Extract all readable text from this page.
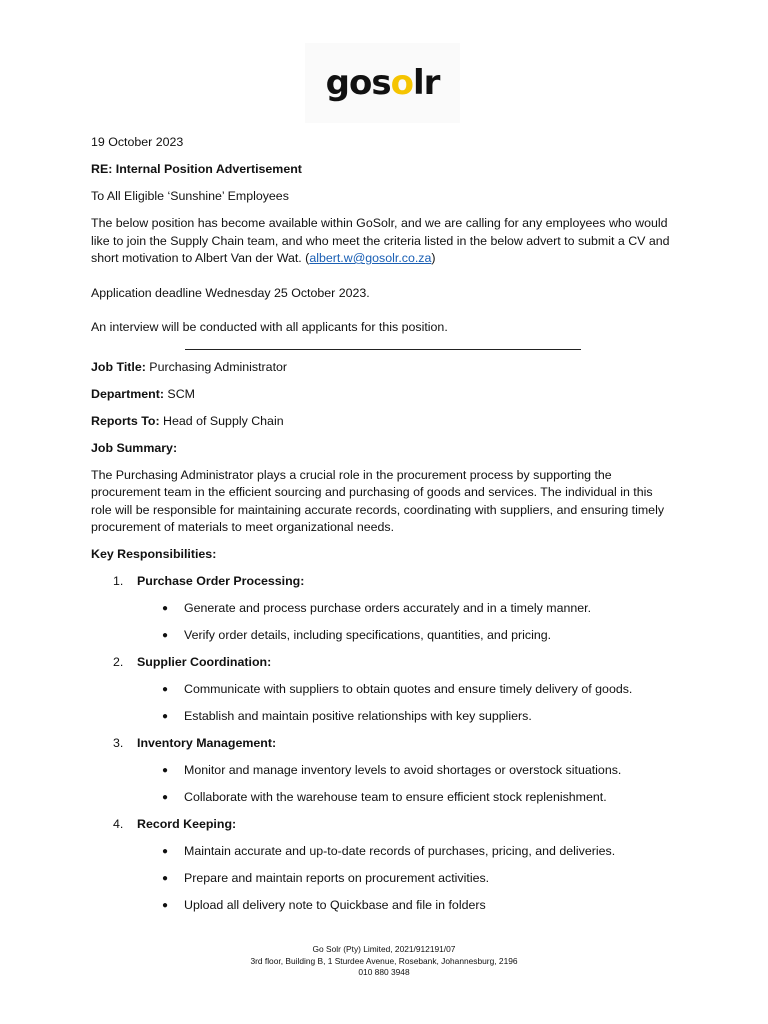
gosolr

19 October 2023

RE: Internal Position Advertisement

To All Eligible ‘Sunshine’ Employees

The below position has become available within GoSolr, and we are calling for any employees who would like to join the Supply Chain team, and who meet the criteria listed in the below advert to submit a CV and short motivation to Albert Van der Wat. (albert.w@gosolr.co.za)

Application deadline Wednesday 25 October 2023.

An interview will be conducted with all applicants for this position.

Job Title: Purchasing Administrator

Department: SCM

Reports To: Head of Supply Chain

Job Summary:

The Purchasing Administrator plays a crucial role in the procurement process by supporting the procurement team in the efficient sourcing and purchasing of goods and services. The individual in this role will be responsible for maintaining accurate records, coordinating with suppliers, and ensuring timely procurement of materials to meet organizational needs.

Key Responsibilities:

1. Purchase Order Processing:
● Generate and process purchase orders accurately and in a timely manner.
● Verify order details, including specifications, quantities, and pricing.
2. Supplier Coordination:
● Communicate with suppliers to obtain quotes and ensure timely delivery of goods.
● Establish and maintain positive relationships with key suppliers.
3. Inventory Management:
● Monitor and manage inventory levels to avoid shortages or overstock situations.
● Collaborate with the warehouse team to ensure efficient stock replenishment.
4. Record Keeping:
● Maintain accurate and up-to-date records of purchases, pricing, and deliveries.
● Prepare and maintain reports on procurement activities.
● Upload all delivery note to Quickbase and file in folders
Go Solr (Pty) Limited, 2021/912191/07
3rd floor, Building B, 1 Sturdee Avenue, Rosebank, Johannesburg, 2196
010 880 3948
